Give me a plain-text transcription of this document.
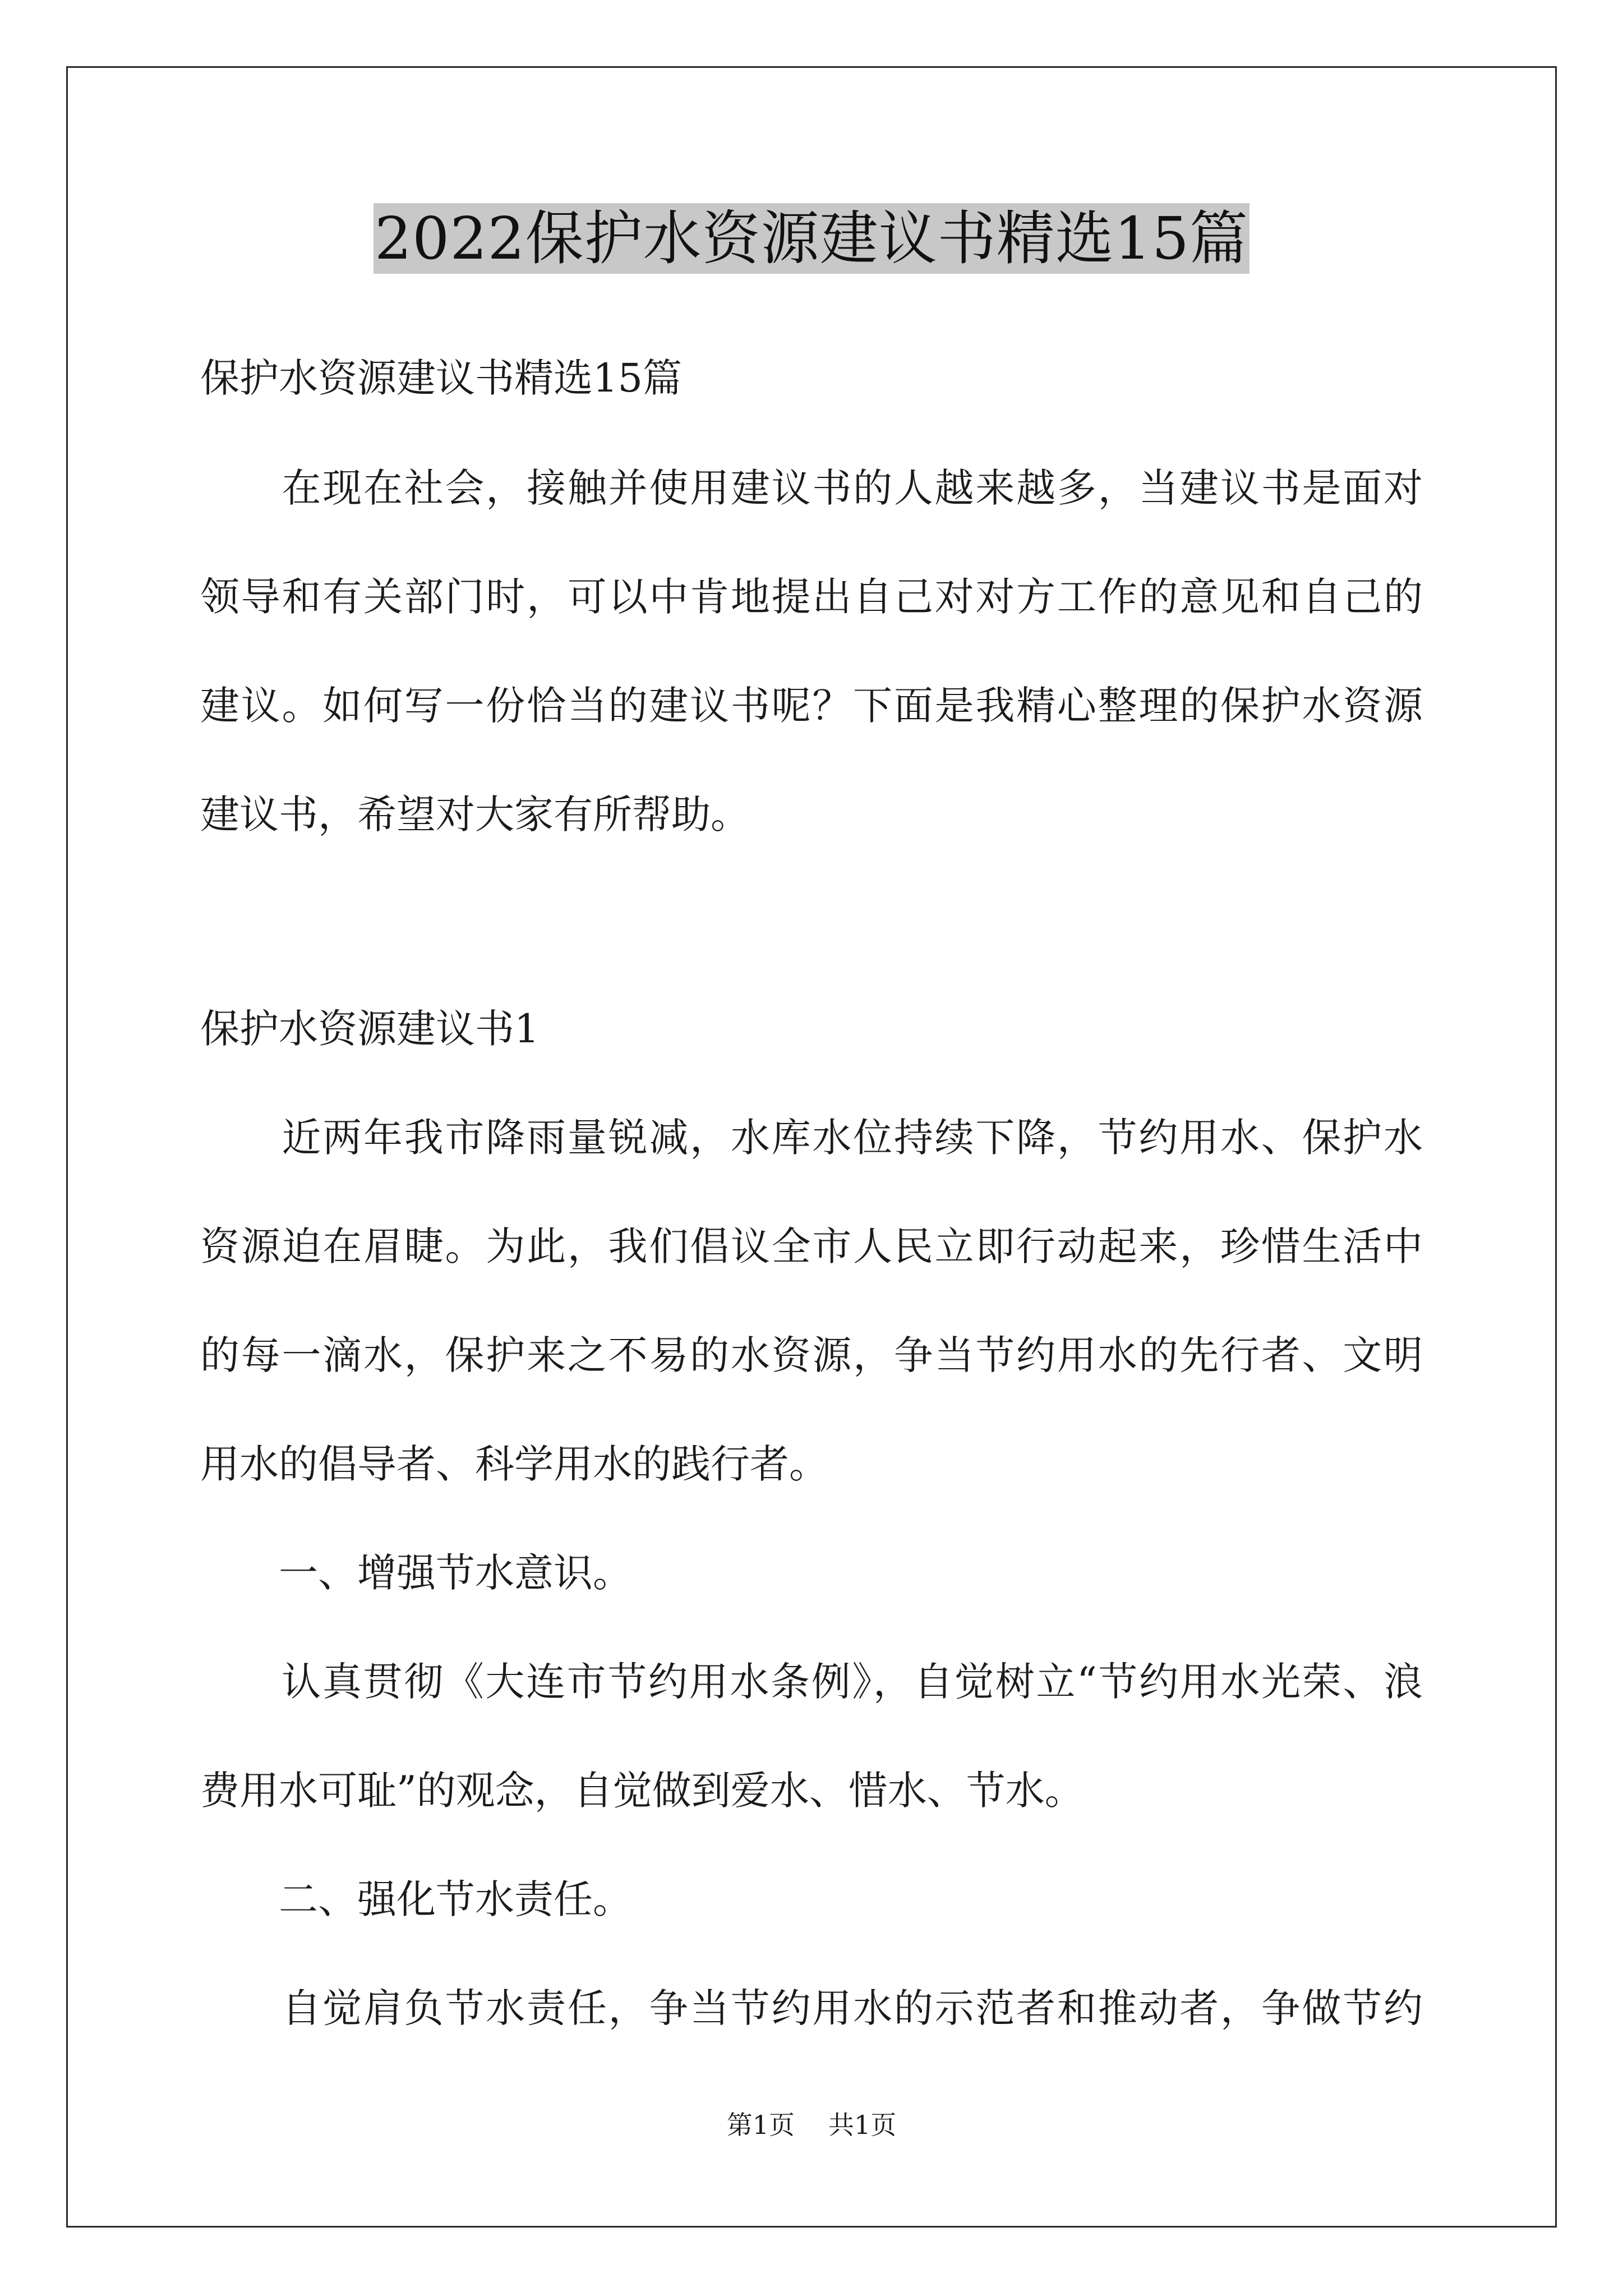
2022保护水资源建议书精选15篇
保护水资源建议书精选15篇
　　在现在社会，接触并使用建议书的人越来越多，当建议书是面对
领导和有关部门时，可以中肯地提出自己对对方工作的意见和自己的
建议。如何写一份恰当的建议书呢？下面是我精心整理的保护水资源
建议书，希望对大家有所帮助。
保护水资源建议书1
　　近两年我市降雨量锐减，水库水位持续下降，节约用水、保护水
资源迫在眉睫。为此，我们倡议全市人民立即行动起来，珍惜生活中
的每一滴水，保护来之不易的水资源，争当节约用水的先行者、文明
用水的倡导者、科学用水的践行者。
　　一、增强节水意识。
　　认真贯彻《大连市节约用水条例》，自觉树立“节约用水光荣、浪
费用水可耻”的观念，自觉做到爱水、惜水、节水。
　　二、强化节水责任。
　　自觉肩负节水责任，争当节约用水的示范者和推动者，争做节约
第1页 共1页
